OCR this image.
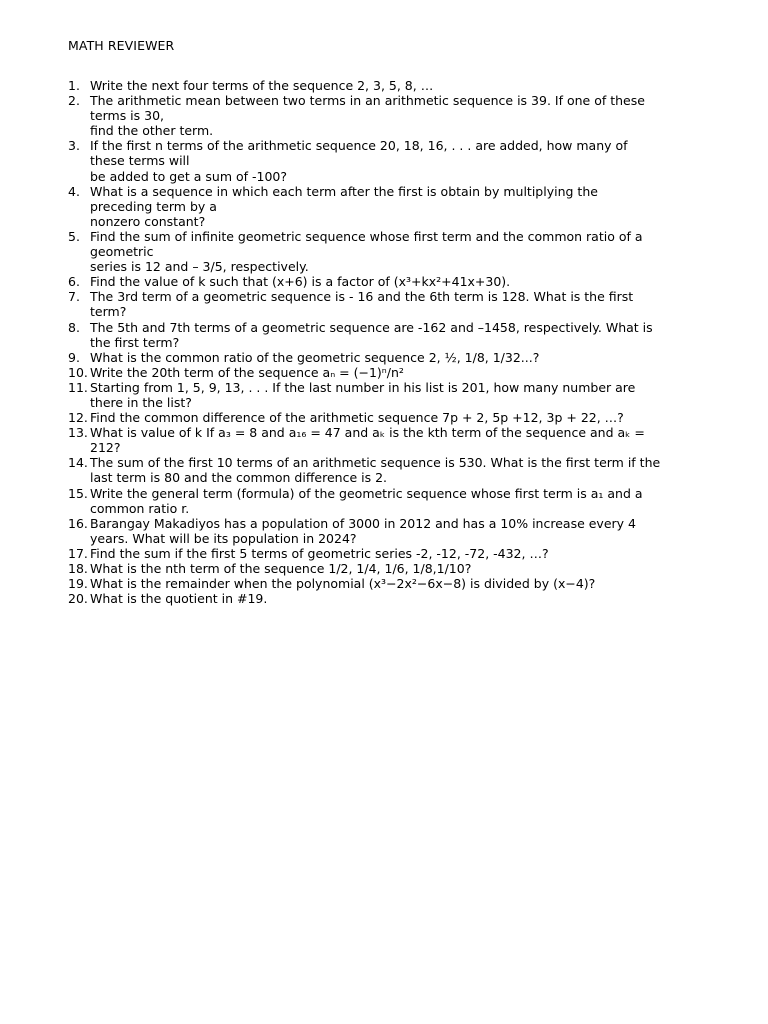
MATH REVIEWER
1. Write the next four terms of the sequence 2, 3, 5, 8, …
2. The arithmetic mean between two terms in an arithmetic sequence is 39. If one of these
terms is 30,
find the other term.
3. If the first n terms of the arithmetic sequence 20, 18, 16, . . . are added, how many of
these terms will
be added to get a sum of -100?
4. What is a sequence in which each term after the first is obtain by multiplying the
preceding term by a
nonzero constant?
5. Find the sum of infinite geometric sequence whose first term and the common ratio of a
geometric
series is 12 and – 3/5, respectively.
6. Find the value of k such that (x+6) is a factor of (x³+kx²+41x+30).
7. The 3rd term of a geometric sequence is - 16 and the 6th term is 128. What is the first
term?
8. The 5th and 7th terms of a geometric sequence are -162 and –1458, respectively. What is
the first term?
9. What is the common ratio of the geometric sequence 2, ½, 1/8, 1/32...?
10. Write the 20th term of the sequence aₙ = (−1)ⁿ/n²
11. Starting from 1, 5, 9, 13, . . . If the last number in his list is 201, how many number are
there in the list?
12. Find the common difference of the arithmetic sequence 7p + 2, 5p +12, 3p + 22, …?
13. What is value of k If a₃ = 8 and a₁₆ = 47 and aₖ is the kth term of the sequence and aₖ =
212?
14. The sum of the first 10 terms of an arithmetic sequence is 530. What is the first term if the
last term is 80 and the common difference is 2.
15. Write the general term (formula) of the geometric sequence whose first term is a₁ and a
common ratio r.
16. Barangay Makadiyos has a population of 3000 in 2012 and has a 10% increase every 4
years. What will be its population in 2024?
17. Find the sum if the first 5 terms of geometric series -2, -12, -72, -432, …?
18. What is the nth term of the sequence 1/2, 1/4, 1/6, 1/8,1/10?
19. What is the remainder when the polynomial (x³−2x²−6x−8) is divided by (x−4)?
20. What is the quotient in #19.
